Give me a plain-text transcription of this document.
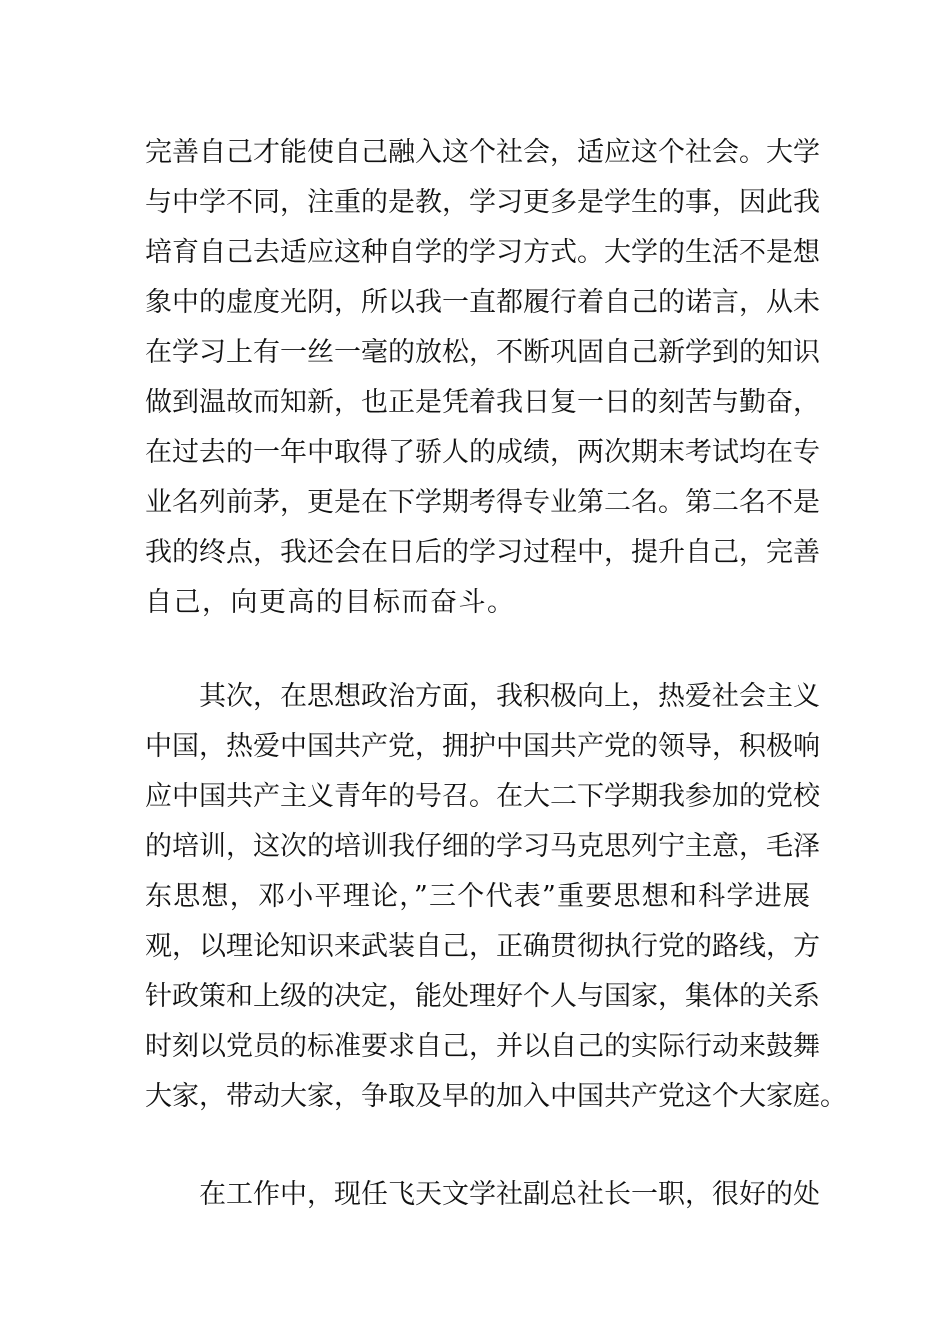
完善自己才能使自己融入这个社会，适应这个社会。大学
与中学不同，注重的是教，学习更多是学生的事，因此我
培育自己去适应这种自学的学习方式。大学的生活不是想
象中的虚度光阴，所以我一直都履行着自己的诺言，从未
在学习上有一丝一毫的放松，不断巩固自己新学到的知识
做到温故而知新，也正是凭着我日复一日的刻苦与勤奋，
在过去的一年中取得了骄人的成绩，两次期末考试均在专
业名列前茅，更是在下学期考得专业第二名。第二名不是
我的终点，我还会在日后的学习过程中，提升自己，完善
自己，向更高的目标而奋斗。
其次，在思想政治方面，我积极向上，热爱社会主义
中国，热爱中国共产党，拥护中国共产党的领导，积极响
应中国共产主义青年的号召。在大二下学期我参加的党校
的培训，这次的培训我仔细的学习马克思列宁主意，毛泽
东思想，邓小平理论，”三个代表”重要思想和科学进展
观，以理论知识来武装自己，正确贯彻执行党的路线，方
针政策和上级的决定，能处理好个人与国家，集体的关系
时刻以党员的标准要求自己，并以自己的实际行动来鼓舞
大家，带动大家，争取及早的加入中国共产党这个大家庭。
在工作中，现任飞天文学社副总社长一职，很好的处
